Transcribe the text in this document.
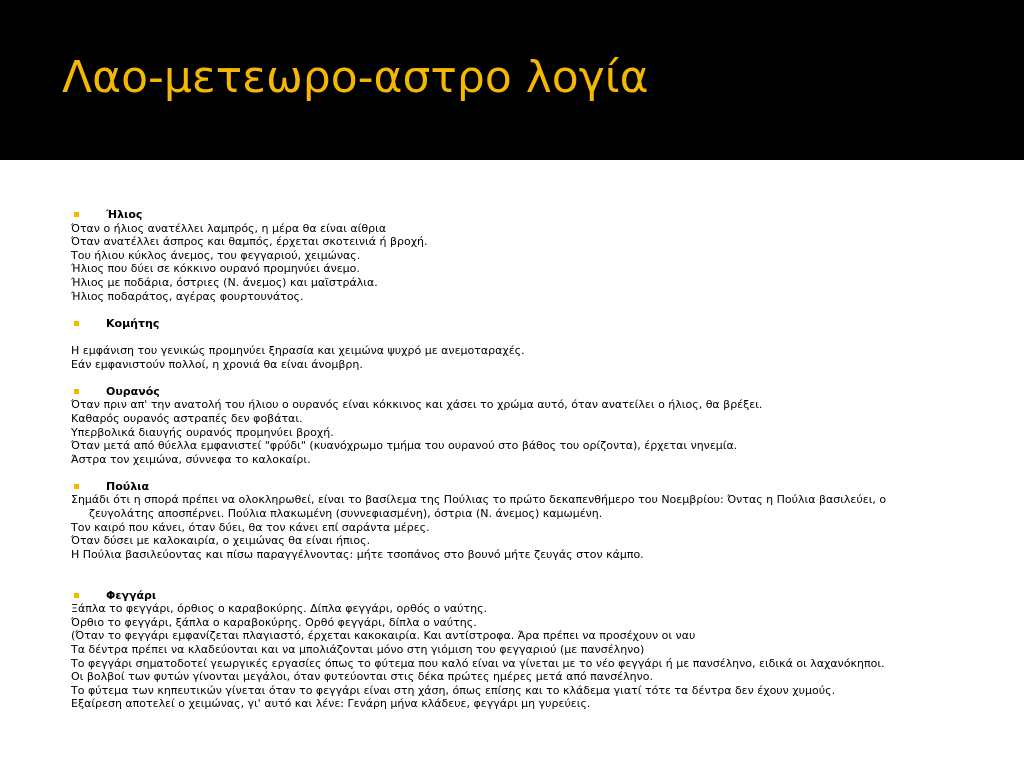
Λαο-μετεωρο-αστρο λογία
Ήλιος
Όταν ο ήλιος ανατέλλει λαμπρός, η μέρα θα είναι αίθρια
Όταν ανατέλλει άσπρος και θαμπός, έρχεται σκοτεινιά ή βροχή.
Του ήλιου κύκλος άνεμος, του φεγγαριού, χειμώνας.
Ήλιος που δύει σε κόκκινο ουρανό προμηνύει άνεμο.
Ήλιος με ποδάρια, όστριες (Ν. άνεμος) και μαϊστράλια.
Ήλιος ποδαράτος, αγέρας φουρτουνάτος.
Κομήτης
Η εμφάνιση του γενικώς προμηνύει ξηρασία και χειμώνα ψυχρό με ανεμοταραχές.
Εάν εμφανιστούν πολλοί, η χρονιά θα είναι άνομβρη.
Ουρανός
Όταν πριν απ' την ανατολή του ήλιου ο ουρανός είναι κόκκινος και χάσει το χρώμα αυτό, όταν ανατείλει ο ήλιος, θα βρέξει.
Καθαρός ουρανός αστραπές δεν φοβάται.
Υπερβολικά διαυγής ουρανός προμηνύει βροχή.
Όταν μετά από θύελλα εμφανιστεί "φρύδι" (κυανόχρωμο τμήμα του ουρανού στο βάθος του ορίζοντα), έρχεται νηνεμία.
Άστρα τον χειμώνα, σύννεφα το καλοκαίρι.
Πούλια
Σημάδι ότι η σπορά πρέπει να ολοκληρωθεί, είναι το βασίλεμα της Πούλιας το πρώτο δεκαπενθήμερο του Νοεμβρίου: Όντας η Πούλια βασιλεύει, ο ζευγολάτης αποσπέρνει. Πούλια πλακωμένη (συννεφιασμένη), όστρια (Ν. άνεμος) καμωμένη.
Τον καιρό που κάνει, όταν δύει, θα τον κάνει επί σαράντα μέρες.
Όταν δύσει με καλοκαιρία, ο χειμώνας θα είναι ήπιος.
Η Πούλια βασιλεύοντας και πίσω παραγγέλνοντας: μήτε τσοπάνος στο βουνό μήτε ζευγάς στον κάμπο.
Φεγγάρι
Ξάπλα το φεγγάρι, όρθιος ο καραβοκύρης. Δίπλα φεγγάρι, ορθός ο ναύτης.
Όρθιο το φεγγάρι, ξάπλα ο καραβοκύρης. Ορθό φεγγάρι, δίπλα ο ναύτης.
(Όταν το φεγγάρι εμφανίζεται πλαγιαστό, έρχεται κακοκαιρία. Και αντίστροφα. Άρα πρέπει να προσέχουν οι ναυ
Τα δέντρα πρέπει να κλαδεύονται και να μπολιάζονται μόνο στη γιόμιση του φεγγαριού (με πανσέληνο)
Το φεγγάρι σηματοδοτεί γεωργικές εργασίες όπως το φύτεμα που καλό είναι να γίνεται με το νέο φεγγάρι ή με πανσέληνο, ειδικά οι λαχανόκηποι.
Οι βολβοί των φυτών γίνονται μεγάλοι, όταν φυτεύονται στις δέκα πρώτες ημέρες μετά από πανσέληνο.
Το φύτεμα των κηπευτικών γίνεται όταν το φεγγάρι είναι στη χάση, όπως επίσης και το κλάδεμα γιατί τότε τα δέντρα δεν έχουν χυμούς.
Εξαίρεση αποτελεί ο χειμώνας, γι' αυτό και λένε: Γενάρη μήνα κλάδευε, φεγγάρι μη γυρεύεις.
